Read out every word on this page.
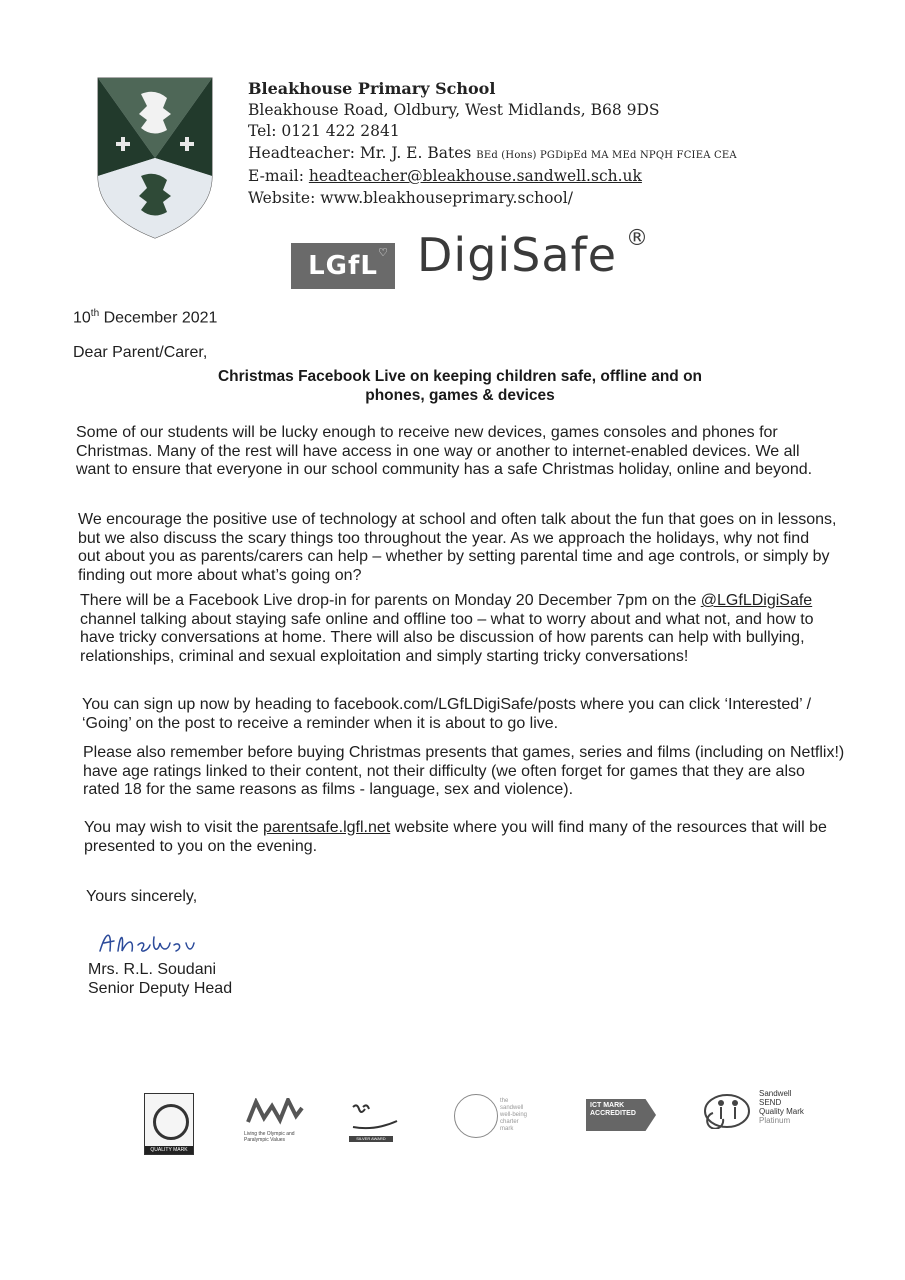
Bleakhouse Primary School
Bleakhouse Road, Oldbury, West Midlands, B68 9DS
Tel: 0121 422 2841
Headteacher: Mr. J. E. Bates BEd (Hons) PGDipEd MA MEd NPQH FCIEA CEA
E-mail: headteacher@bleakhouse.sandwell.sch.uk
Website: www.bleakhouseprimary.school/
LGfL ♡ DigiSafe ®
10th December 2021
Dear Parent/Carer,
Christmas Facebook Live on keeping children safe, offline and on
phones, games & devices
Some of our students will be lucky enough to receive new devices, games consoles and phones for
Christmas. Many of the rest will have access in one way or another to internet-enabled devices. We all
want to ensure that everyone in our school community has a safe Christmas holiday, online and beyond.
We encourage the positive use of technology at school and often talk about the fun that goes on in lessons,
but we also discuss the scary things too throughout the year. As we approach the holidays, why not find
out about you as parents/carers can help – whether by setting parental time and age controls, or simply by
finding out more about what’s going on?
There will be a Facebook Live drop-in for parents on Monday 20 December 7pm on the @LGfLDigiSafe
channel talking about staying safe online and offline too – what to worry about and what not, and how to
have tricky conversations at home. There will also be discussion of how parents can help with bullying,
relationships, criminal and sexual exploitation and simply starting tricky conversations!
You can sign up now by heading to facebook.com/LGfLDigiSafe/posts where you can click ‘Interested’ /
‘Going’ on the post to receive a reminder when it is about to go live.
Please also remember before buying Christmas presents that games, series and films (including on Netflix!)
have age ratings linked to their content, not their difficulty (we often forget for games that they are also
rated 18 for the same reasons as films - language, sex and violence).
You may wish to visit the parentsafe.lgfl.net website where you will find many of the resources that will be
presented to you on the evening.
Yours sincerely,
Mrs. R.L. Soudani
Senior Deputy Head
QUALITY MARK
Living the Olympic and Paralympic Values	SILVER AWARD
the sandwell well-being charter mark
ICT MARK ACCREDITED
Sandwell
SEND
Quality Mark
Platinum
